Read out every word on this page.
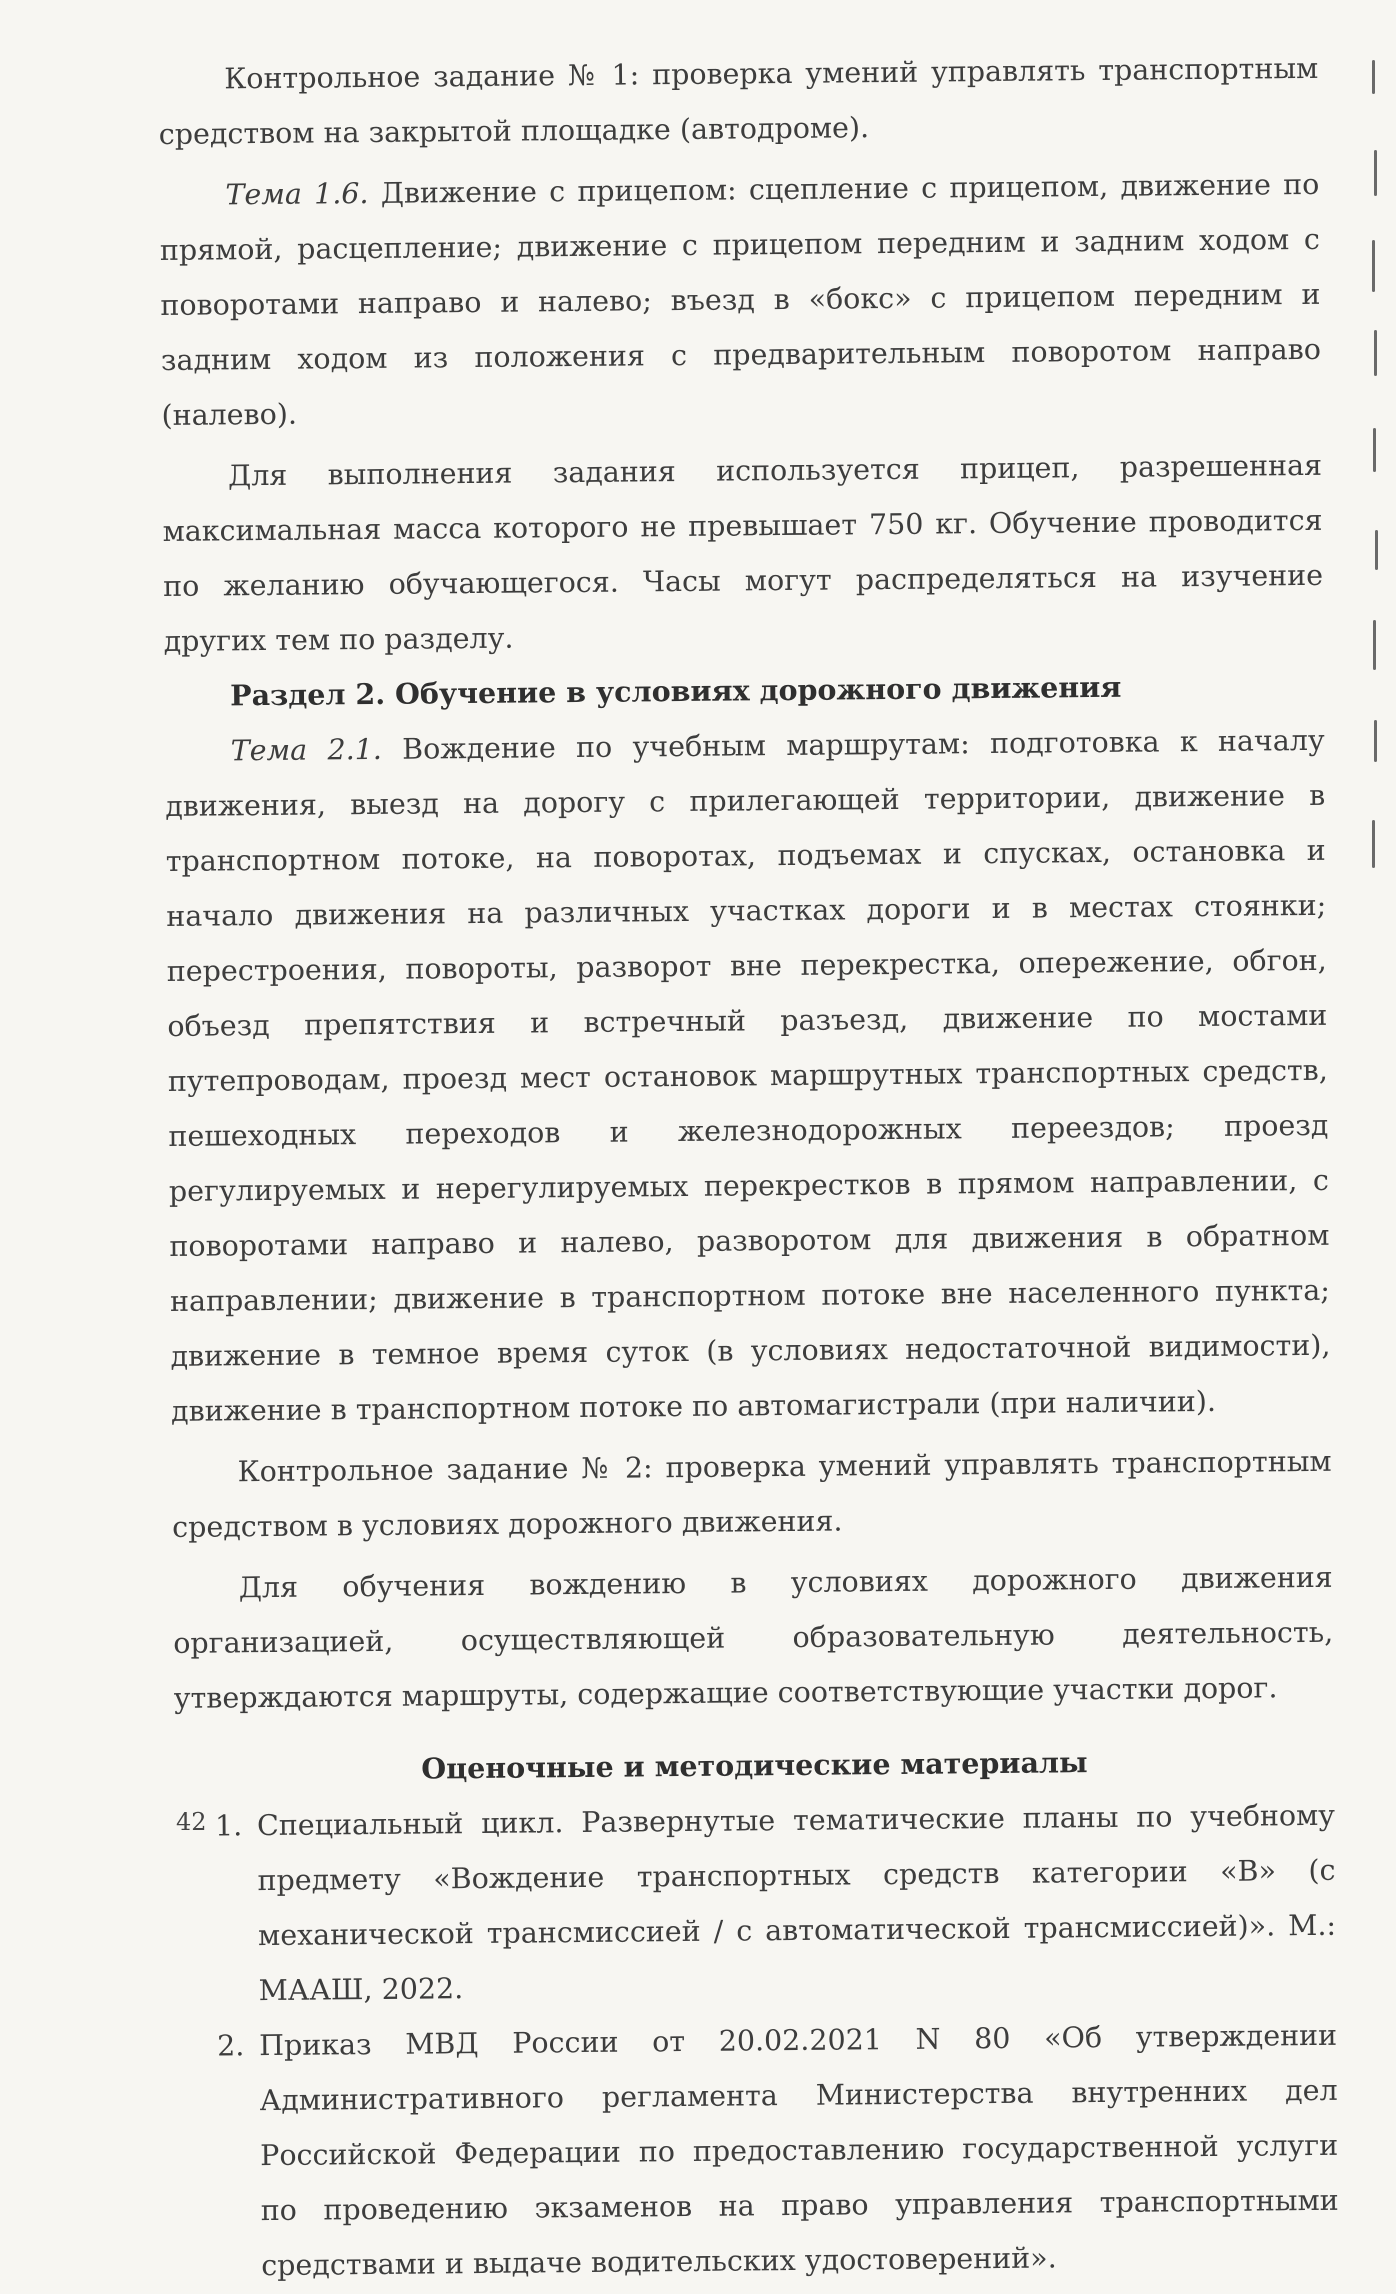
Контрольное задание № 1: проверка умений управлять транспортным средством на закрытой площадке (автодроме).

Тема 1.6. Движение с прицепом: сцепление с прицепом, движение по прямой, расцепление; движение с прицепом передним и задним ходом с поворотами направо и налево; въезд в «бокс» с прицепом передним и задним ходом из положения с предварительным поворотом направо (налево).

Для выполнения задания используется прицеп, разрешенная максимальная масса которого не превышает 750 кг. Обучение проводится по желанию обучающегося. Часы могут распределяться на изучение других тем по разделу.

Раздел 2. Обучение в условиях дорожного движения

Тема 2.1. Вождение по учебным маршрутам: подготовка к началу движения, выезд на дорогу с прилегающей территории, движение в транспортном потоке, на поворотах, подъемах и спусках, остановка и начало движения на различных участках дороги и в местах стоянки; перестроения, повороты, разворот вне перекрестка, опережение, обгон, объезд препятствия и встречный разъезд, движение по мостами путепроводам, проезд мест остановок маршрутных транспортных средств, пешеходных переходов и железнодорожных переездов; проезд регулируемых и нерегулируемых перекрестков в прямом направлении, с поворотами направо и налево, разворотом для движения в обратном направлении; движение в транспортном потоке вне населенного пункта; движение в темное время суток (в условиях недостаточной видимости), движение в транспортном потоке по автомагистрали (при наличии).

Контрольное задание № 2: проверка умений управлять транспортным средством в условиях дорожного движения.

Для обучения вождению в условиях дорожного движения организацией, осуществляющей образовательную деятельность, утверждаются маршруты, содержащие соответствующие участки дорог.

Оценочные и методические материалы

1. Специальный цикл. Развернутые тематические планы по учебному предмету «Вождение транспортных средств категории «В» (с механической трансмиссией / с автоматической трансмиссией)». М.: МААШ, 2022.
2. Приказ МВД России от 20.02.2021 N 80 «Об утверждении Административного регламента Министерства внутренних дел Российской Федерации по предоставлению государственной услуги по проведению экзаменов на право управления транспортными средствами и выдаче водительских удостоверений».
42
